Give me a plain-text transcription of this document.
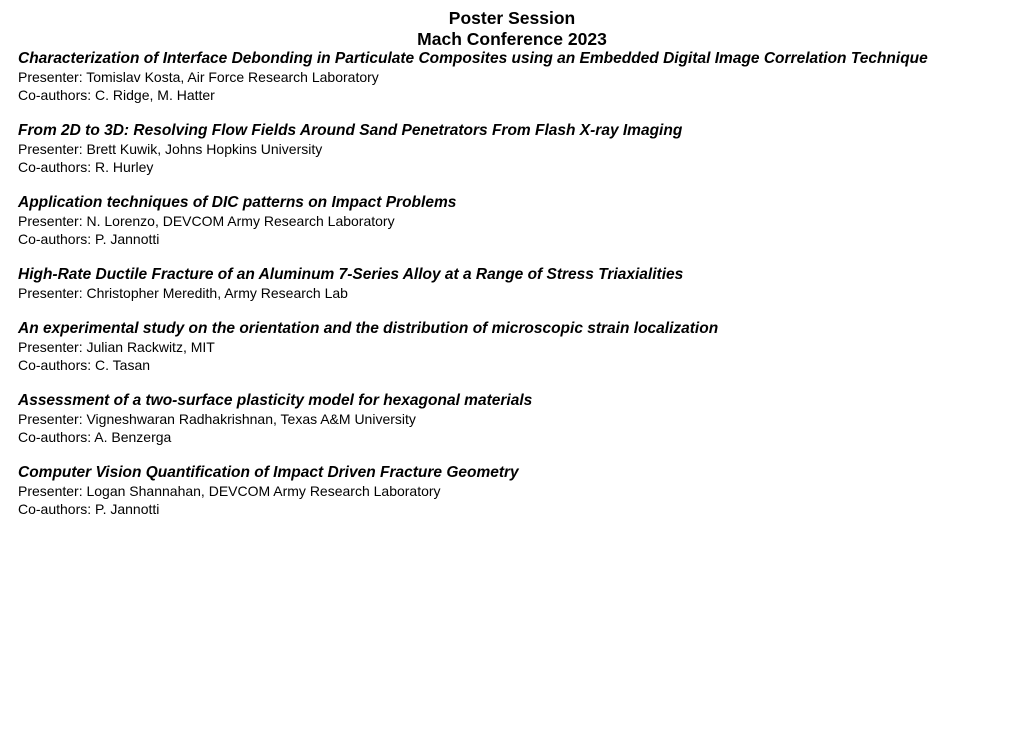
Poster Session
Mach Conference 2023
Characterization of Interface Debonding in Particulate Composites using an Embedded Digital Image Correlation Technique
Presenter: Tomislav Kosta, Air Force Research Laboratory
Co-authors: C. Ridge, M. Hatter
From 2D to 3D: Resolving Flow Fields Around Sand Penetrators From Flash X-ray Imaging
Presenter: Brett Kuwik, Johns Hopkins University
Co-authors: R. Hurley
Application techniques of DIC patterns on Impact Problems
Presenter: N. Lorenzo, DEVCOM Army Research Laboratory
Co-authors: P. Jannotti
High-Rate Ductile Fracture of an Aluminum 7-Series Alloy at a Range of Stress Triaxialities
Presenter: Christopher Meredith, Army Research Lab
An experimental study on the orientation and the distribution of microscopic strain localization
Presenter: Julian Rackwitz, MIT
Co-authors: C. Tasan
Assessment of a two-surface plasticity model for hexagonal materials
Presenter: Vigneshwaran Radhakrishnan, Texas A&M University
Co-authors: A. Benzerga
Computer Vision Quantification of Impact Driven Fracture Geometry
Presenter: Logan Shannahan, DEVCOM Army Research Laboratory
Co-authors: P. Jannotti
